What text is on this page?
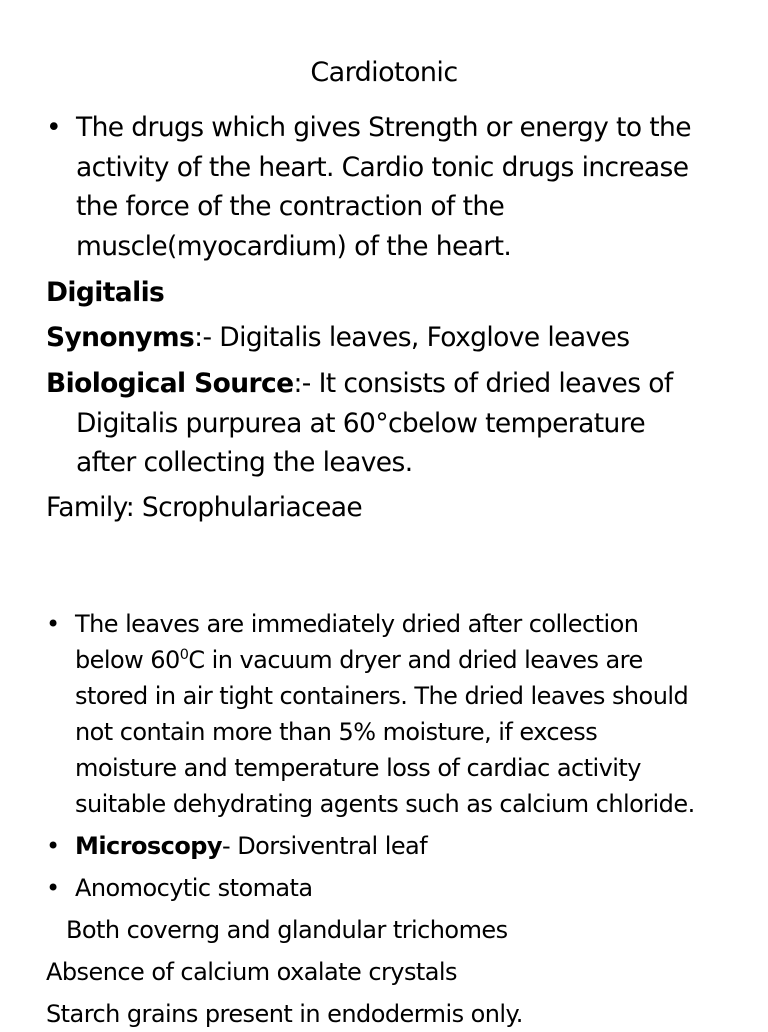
Cardiotonic
• The drugs which gives Strength or energy to the
activity of the heart. Cardio tonic drugs increase
the force of the contraction of the
muscle(myocardium) of the heart.
Digitalis
Synonyms:- Digitalis leaves, Foxglove leaves
Biological Source:- It consists of dried leaves of
Digitalis purpurea at 60°cbelow temperature
after collecting the leaves.
Family: Scrophulariaceae
• The leaves are immediately dried after collection
below $60^0C$ in vacuum dryer and dried leaves are
stored in air tight containers. The dried leaves should
not contain more than 5% moisture, if excess
moisture and temperature loss of cardiac activity
suitable dehydrating agents such as calcium chloride.
• Microscopy- Dorsiventral leaf
• Anomocytic stomata
Both coverng and glandular trichomes
Absence of calcium oxalate crystals
Starch grains present in endodermis only.
